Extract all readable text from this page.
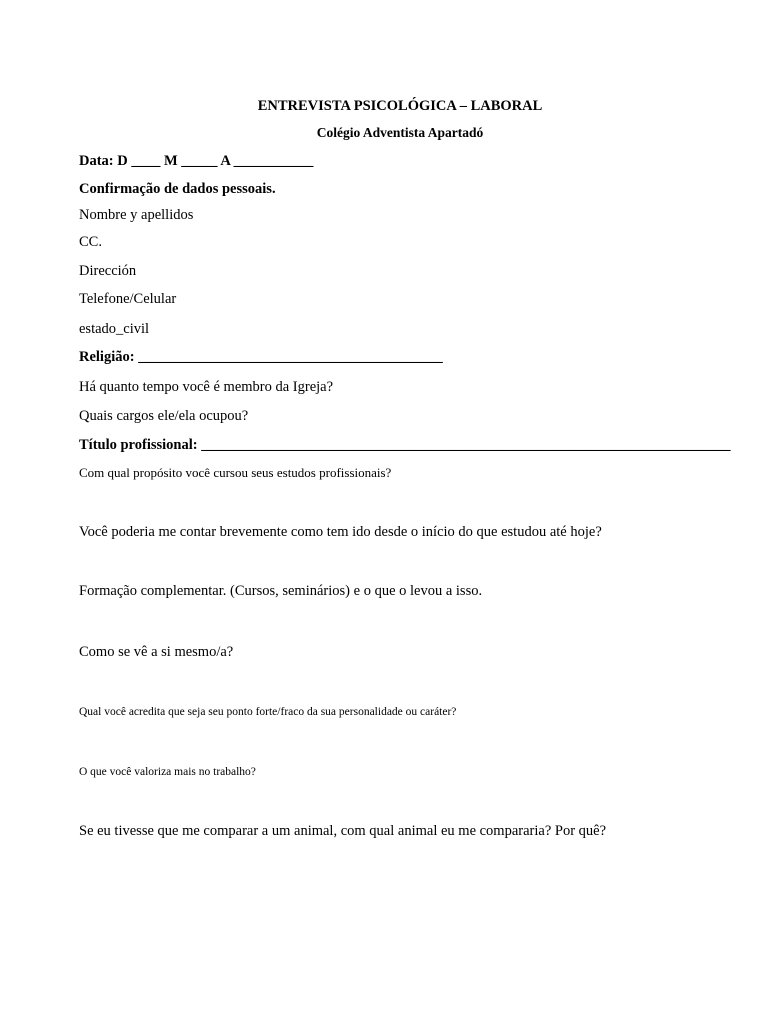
ENTREVISTA PSICOLÓGICA – LABORAL
Colégio Adventista Apartadó
Data: D ____ M _____ A ___________
Confirmação de dados pessoais.
Nombre y apellidos
CC.
Dirección
Telefone/Celular
estado_civil
Religião: __________________________________________
Há quanto tempo você é membro da Igreja?
Quais cargos ele/ela ocupou?
Título profissional: _________________________________________________________________________
Com qual propósito você cursou seus estudos profissionais?
Você poderia me contar brevemente como tem ido desde o início do que estudou até hoje?
Formação complementar. (Cursos, seminários) e o que o levou a isso.
Como se vê a si mesmo/a?
Qual você acredita que seja seu ponto forte/fraco da sua personalidade ou caráter?
O que você valoriza mais no trabalho?
Se eu tivesse que me comparar a um animal, com qual animal eu me compararia? Por quê?
